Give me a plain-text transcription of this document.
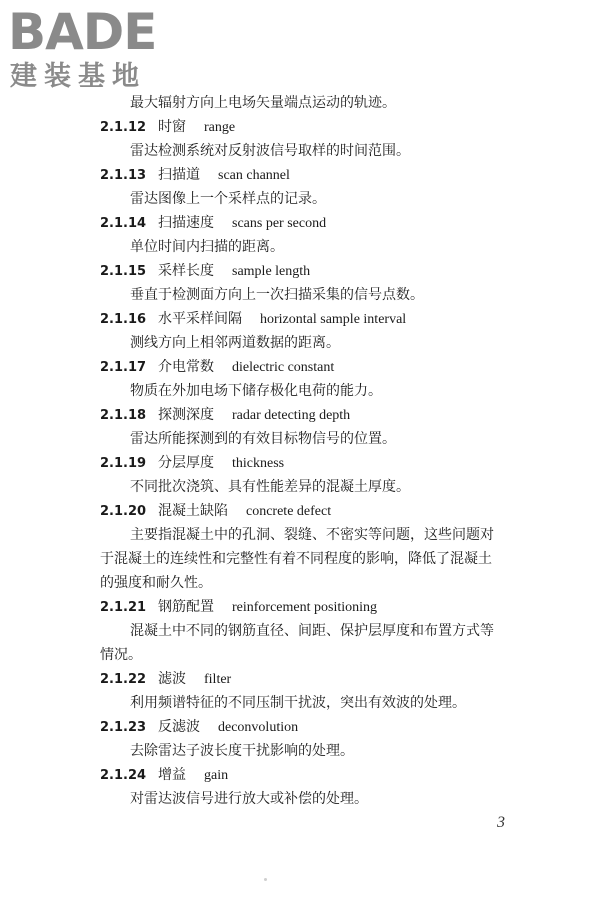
BADE
建装基地
最大辐射方向上电场矢量端点运动的轨迹。
2.1.12 时窗 range
雷达检测系统对反射波信号取样的时间范围。
2.1.13 扫描道 scan channel
雷达图像上一个采样点的记录。
2.1.14 扫描速度 scans per second
单位时间内扫描的距离。
2.1.15 采样长度 sample length
垂直于检测面方向上一次扫描采集的信号点数。
2.1.16 水平采样间隔 horizontal sample interval
测线方向上相邻两道数据的距离。
2.1.17 介电常数 dielectric constant
物质在外加电场下储存极化电荷的能力。
2.1.18 探测深度 radar detecting depth
雷达所能探测到的有效目标物信号的位置。
2.1.19 分层厚度 thickness
不同批次浇筑、具有性能差异的混凝土厚度。
2.1.20 混凝土缺陷 concrete defect
主要指混凝土中的孔洞、裂缝、不密实等问题，这些问题对
于混凝土的连续性和完整性有着不同程度的影响，降低了混凝土
的强度和耐久性。
2.1.21 钢筋配置 reinforcement positioning
混凝土中不同的钢筋直径、间距、保护层厚度和布置方式等
情况。
2.1.22 滤波 filter
利用频谱特征的不同压制干扰波，突出有效波的处理。
2.1.23 反滤波 deconvolution
去除雷达子波长度干扰影响的处理。
2.1.24 增益 gain
对雷达波信号进行放大或补偿的处理。
3
